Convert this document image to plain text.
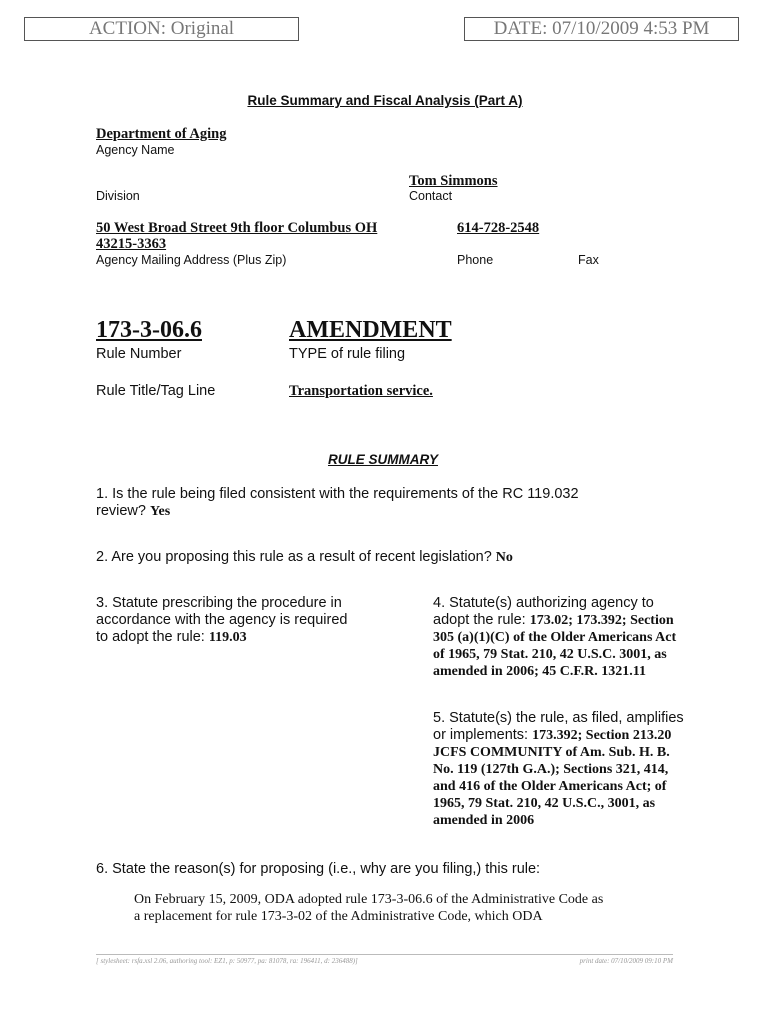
ACTION: Original	DATE: 07/10/2009 4:53 PM
Rule Summary and Fiscal Analysis (Part A)
Department of Aging
Agency Name
Tom Simmons
Division	Contact
50 West Broad Street 9th floor Columbus OH
43215-3363
614-728-2548
Agency Mailing Address (Plus Zip)	Phone	Fax
173-3-06.6	AMENDMENT
Rule Number	TYPE of rule filing
Rule Title/Tag Line	Transportation service.
RULE SUMMARY
1. Is the rule being filed consistent with the requirements of the RC 119.032
review? Yes
2. Are you proposing this rule as a result of recent legislation? No
3. Statute prescribing the procedure in
accordance with the agency is required
to adopt the rule: 119.03
4. Statute(s) authorizing agency to
adopt the rule: 173.02; 173.392; Section
305 (a)(1)(C) of the Older Americans Act
of 1965, 79 Stat. 210, 42 U.S.C. 3001, as
amended in 2006; 45 C.F.R. 1321.11
5. Statute(s) the rule, as filed, amplifies
or implements: 173.392; Section 213.20
JCFS COMMUNITY of Am. Sub. H. B.
No. 119 (127th G.A.); Sections 321, 414,
and 416 of the Older Americans Act; of
1965, 79 Stat. 210, 42 U.S.C., 3001, as
amended in 2006
6. State the reason(s) for proposing (i.e., why are you filing,) this rule:
On February 15, 2009, ODA adopted rule 173-3-06.6 of the Administrative Code as
a replacement for rule 173-3-02 of the Administrative Code, which ODA
[ stylesheet: rsfa.xsl 2.06, authoring tool: EZ1, p: 50977, pa: 81078, ra: 196411, d: 236488)]	print date: 07/10/2009 09:10 PM
